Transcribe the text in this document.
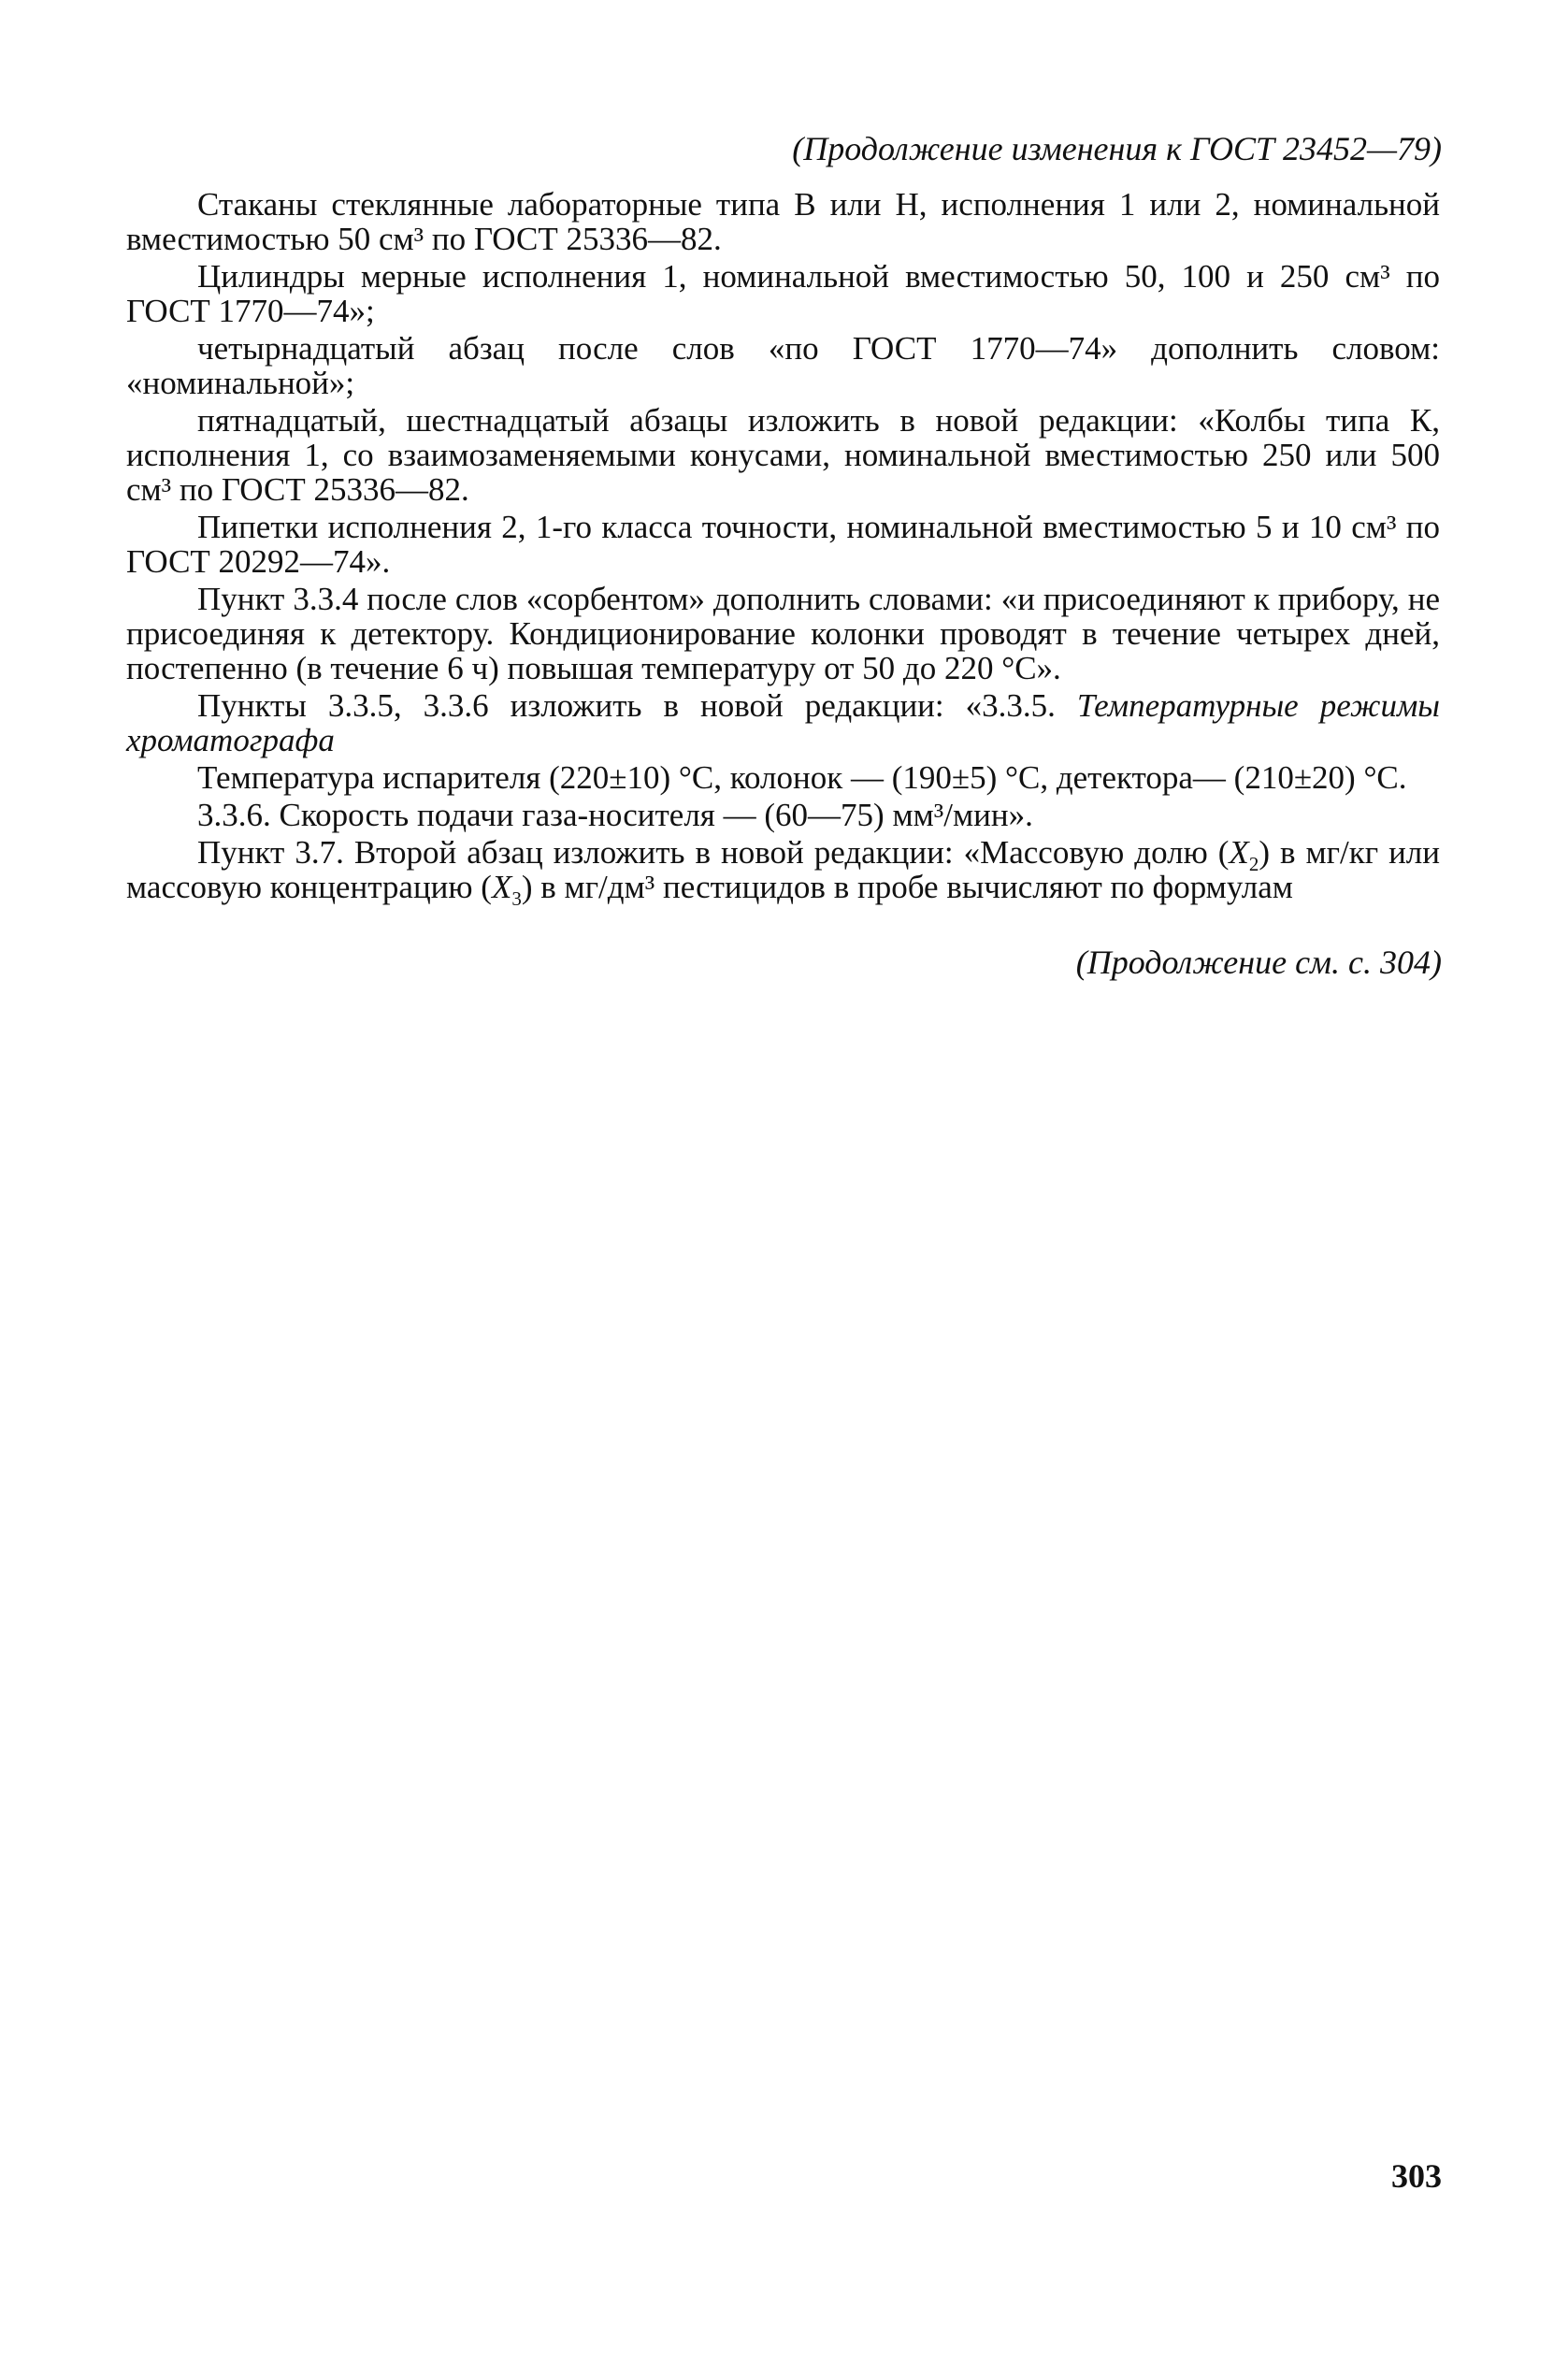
(Продолжение изменения к ГОСТ 23452—79)

Стаканы стеклянные лабораторные типа В или Н, исполнения 1 или 2, номинальной вместимостью 50 см³ по ГОСТ 25336—82.

Цилиндры мерные исполнения 1, номинальной вместимостью 50, 100 и 250 см³ по ГОСТ 1770—74»;

четырнадцатый абзац после слов «по ГОСТ 1770—74» дополнить словом: «номинальной»;

пятнадцатый, шестнадцатый абзацы изложить в новой редакции: «Колбы типа К, исполнения 1, со взаимозаменяемыми конусами, номинальной вместимостью 250 или 500 см³ по ГОСТ 25336—82.

Пипетки исполнения 2, 1-го класса точности, номинальной вместимостью 5 и 10 см³ по ГОСТ 20292—74».

Пункт 3.3.4 после слов «сорбентом» дополнить словами: «и присоединяют к прибору, не присоединяя к детектору. Кондиционирование колонки проводят в течение четырех дней, постепенно (в течение 6 ч) повышая температуру от 50 до 220 °С».

Пункты 3.3.5, 3.3.6 изложить в новой редакции: «3.3.5. Температурные режимы хроматографа

Температура испарителя (220±10) °С, колонок — (190±5) °С, детектора— (210±20) °С.

3.3.6. Скорость подачи газа-носителя — (60—75) мм³/мин».

Пункт 3.7. Второй абзац изложить в новой редакции: «Массовую долю $(X_2)$ в мг/кг или массовую концентрацию $(X_3)$ в мг/дм³ пестицидов в пробе вычисляют по формулам

(Продолжение см. с. 304)
303
